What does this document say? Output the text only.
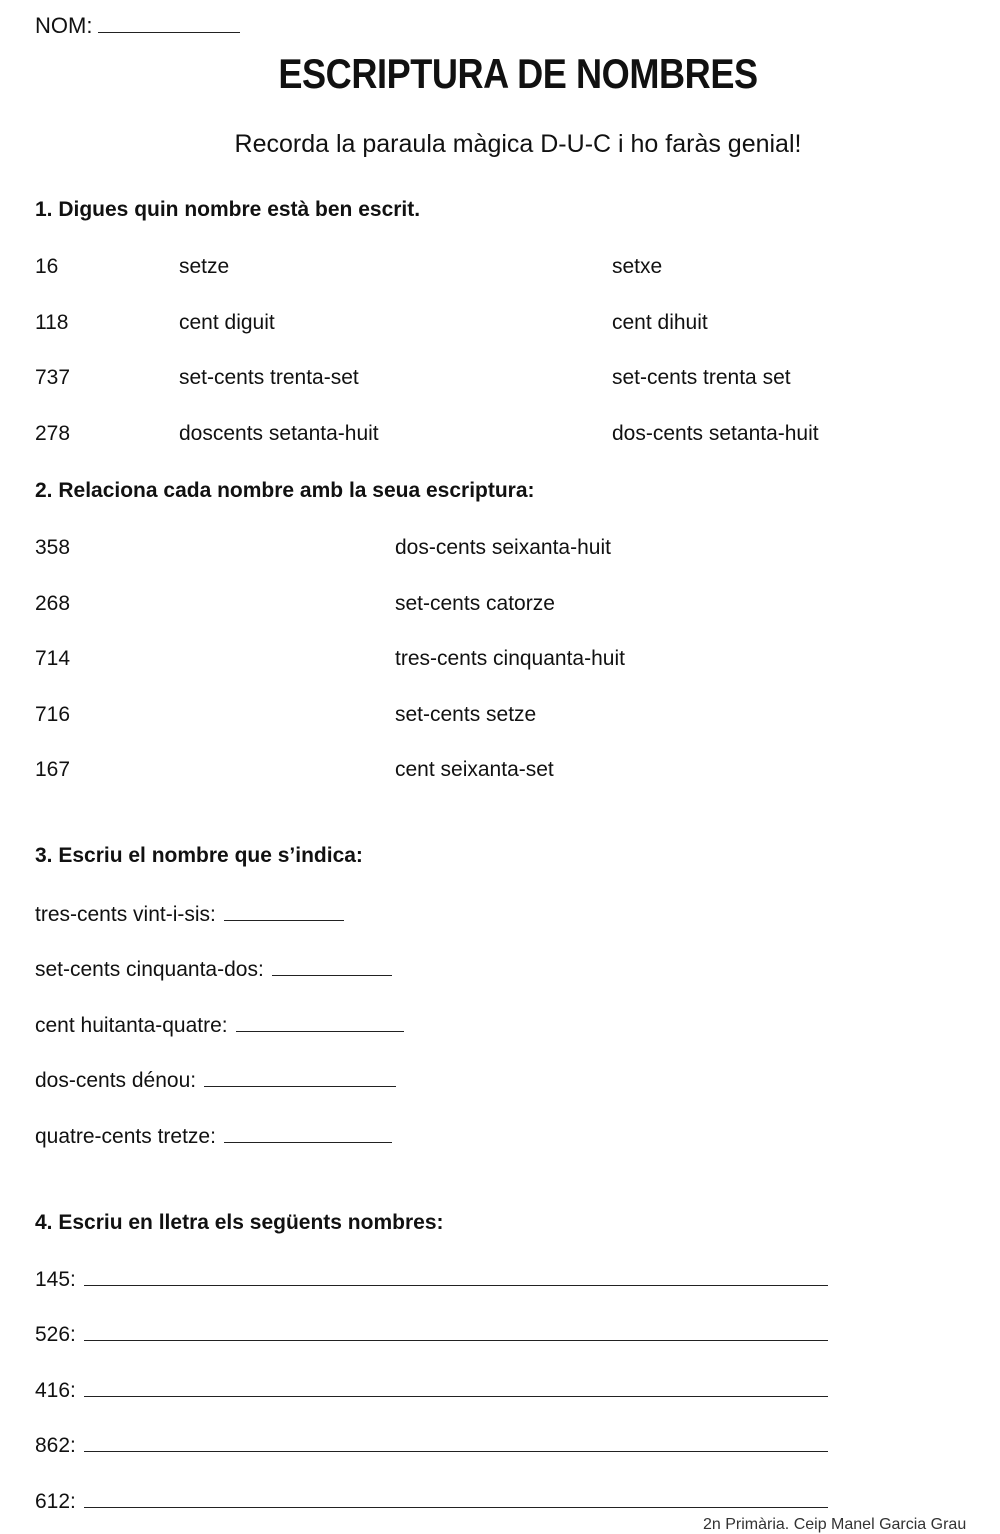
NOM:
ESCRIPTURA DE NOMBRES
Recorda la paraula màgica D-U-C i ho faràs genial!
1. Digues quin nombre està ben escrit.
16	setze	setxe
118	cent diguit	cent dihuit
737	set-cents trenta-set	set-cents trenta set
278	doscents setanta-huit	dos-cents setanta-huit
2. Relaciona cada nombre amb la seua escriptura:
358	dos-cents seixanta-huit
268	set-cents catorze
714	tres-cents cinquanta-huit
716	set-cents setze
167	cent seixanta-set
3. Escriu el nombre que s’indica:
tres-cents vint-i-sis:
set-cents cinquanta-dos:
cent huitanta-quatre:
dos-cents dénou:
quatre-cents tretze:
4. Escriu en lletra els següents nombres:
145:
526:
416:
862:
612:
2n Primària. Ceip Manel Garcia Grau
